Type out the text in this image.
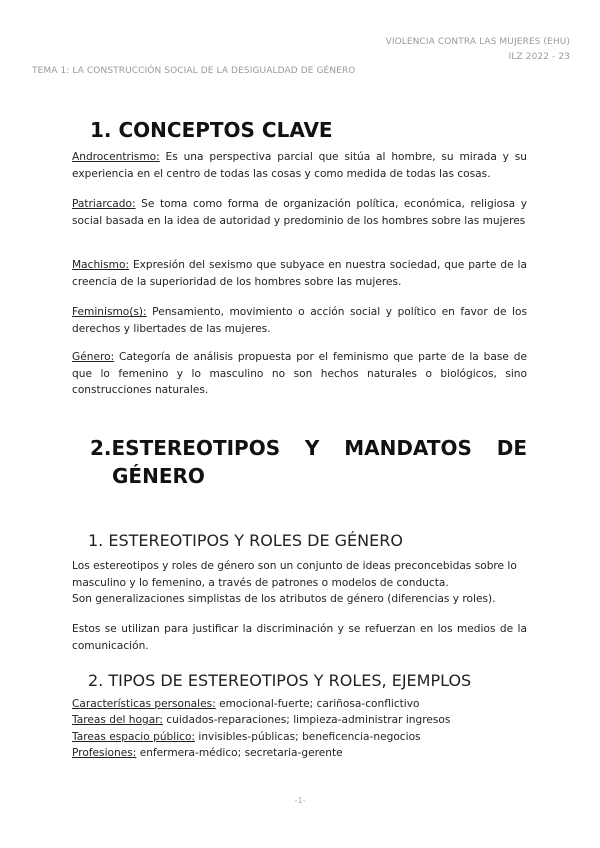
VIOLENCIA CONTRA LAS MUJERES (EHU)
ILZ 2022 - 23
TEMA 1: LA CONSTRUCCIÓN SOCIAL DE LA DESIGUALDAD DE GÉNERO
1. CONCEPTOS CLAVE

Androcentrismo: Es una perspectiva parcial que sitúa al hombre, su mirada y su experiencia en el centro de todas las cosas y como medida de todas las cosas.

Patriarcado: Se toma como forma de organización política, económica, religiosa y social basada en la idea de autoridad y predominio de los hombres sobre las mujeres

Machismo: Expresión del sexismo que subyace en nuestra sociedad, que parte de la creencia de la superioridad de los hombres sobre las mujeres.

Feminismo(s): Pensamiento, movimiento o acción social y político en favor de los derechos y libertades de las mujeres.

Género: Categoría de análisis propuesta por el feminismo que parte de la base de que lo femenino y lo masculino no son hechos naturales o biológicos, sino construcciones naturales.

2.ESTEREOTIPOS Y MANDATOS DE
GÉNERO
1. ESTEREOTIPOS Y ROLES DE GÉNERO

Los estereotipos y roles de género son un conjunto de ideas preconcebidas sobre lo masculino y lo femenino, a través de patrones o modelos de conducta.

Son generalizaciones simplistas de los atributos de género (diferencias y roles).

Estos se utilizan para justificar la discriminación y se refuerzan en los medios de la comunicación.

2. TIPOS DE ESTEREOTIPOS Y ROLES, EJEMPLOS
Características personales: emocional-fuerte; cariñosa-conflictivo
Tareas del hogar: cuidados-reparaciones; limpieza-administrar ingresos
Tareas espacio público: invisibles-públicas; beneficencia-negocios
Profesiones: enfermera-médico; secretaria-gerente
-1-
